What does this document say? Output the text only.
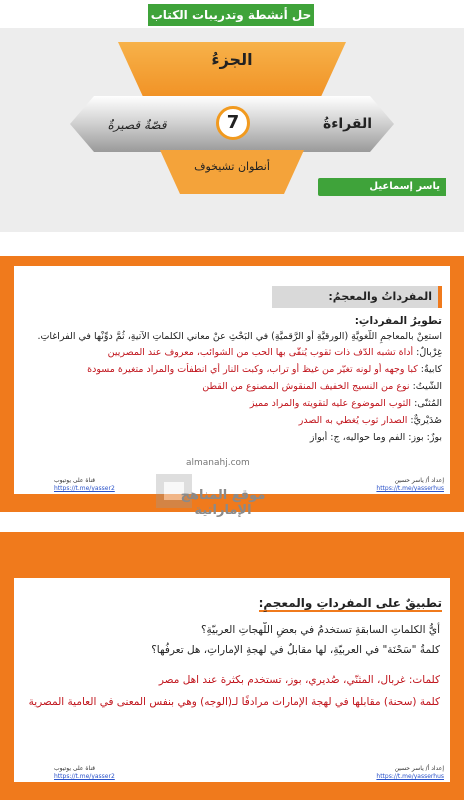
حل أنشطة وتدريبات الكتاب
الجزءُ
القراءةُ
قصّةٌ قصيرةٌ	7
أنطوان تشيخوف
ياسر إسماعيل
المفرداتُ والمعجمُ:
تطويرُ المفرداتِ:
استعِنْ بالمعاجمِ اللُّغويَّةِ (الورقيَّةِ أو الرَّقميَّةِ) في البَحْثِ عنْ معاني الكلماتِ الآتيةِ، ثُمَّ دوِّنْها في الفراغاتِ.
غِرْبالٌ: أداة تشبه الدّف ذات ثقوب يُنقّى بها الحب من الشوائب، معروف عند المصريين
كابيةٌ: كبا وجهه أو لونه تغيّر من غيظ أو تراب، وكبت النار أي انطفأت والمراد متغيرة مسودة
الشّيتُ: نوع من النسيج الخفيف المنقوش المصنوع من القطن
المُثنّى: الثوب الموضوع عليه لتقويته والمراد مميز
صُدَيْريٌّ: الصدار ثوب يُغطي به الصدر
بوزٌ: بوز: الفم وما حواليه، ج: أبواز
إعداد أ/ ياسر حسين
https://t.me/yasserhus
قناة على يوتيوب
https://t.me/yasser2
almanahj.com
موقع المناهج الإماراتية
تطبيقٌ على المفرداتِ والمعجمِ:
أيُّ الكلماتِ السابقةِ تستخدمُ في بعضِ اللّهجاتِ العربيّةِ؟
كلمةُ "سَحْنَة" في العربيّةِ، لها مقابلٌ في لهجةِ الإماراتِ، هل تعرفُها؟
كلمات: غربال، المثنّي، صُديري، بوز، تستخدم بكثرة عند اهل مصر
كلمة (سحنة) مقابلها في لهجة الإمارات مرادفًا لـ(الوجه) وهي بنفس المعنى في العامية المصرية
إعداد أ/ ياسر حسين
https://t.me/yasserhus
قناة على يوتيوب
https://t.me/yasser2
